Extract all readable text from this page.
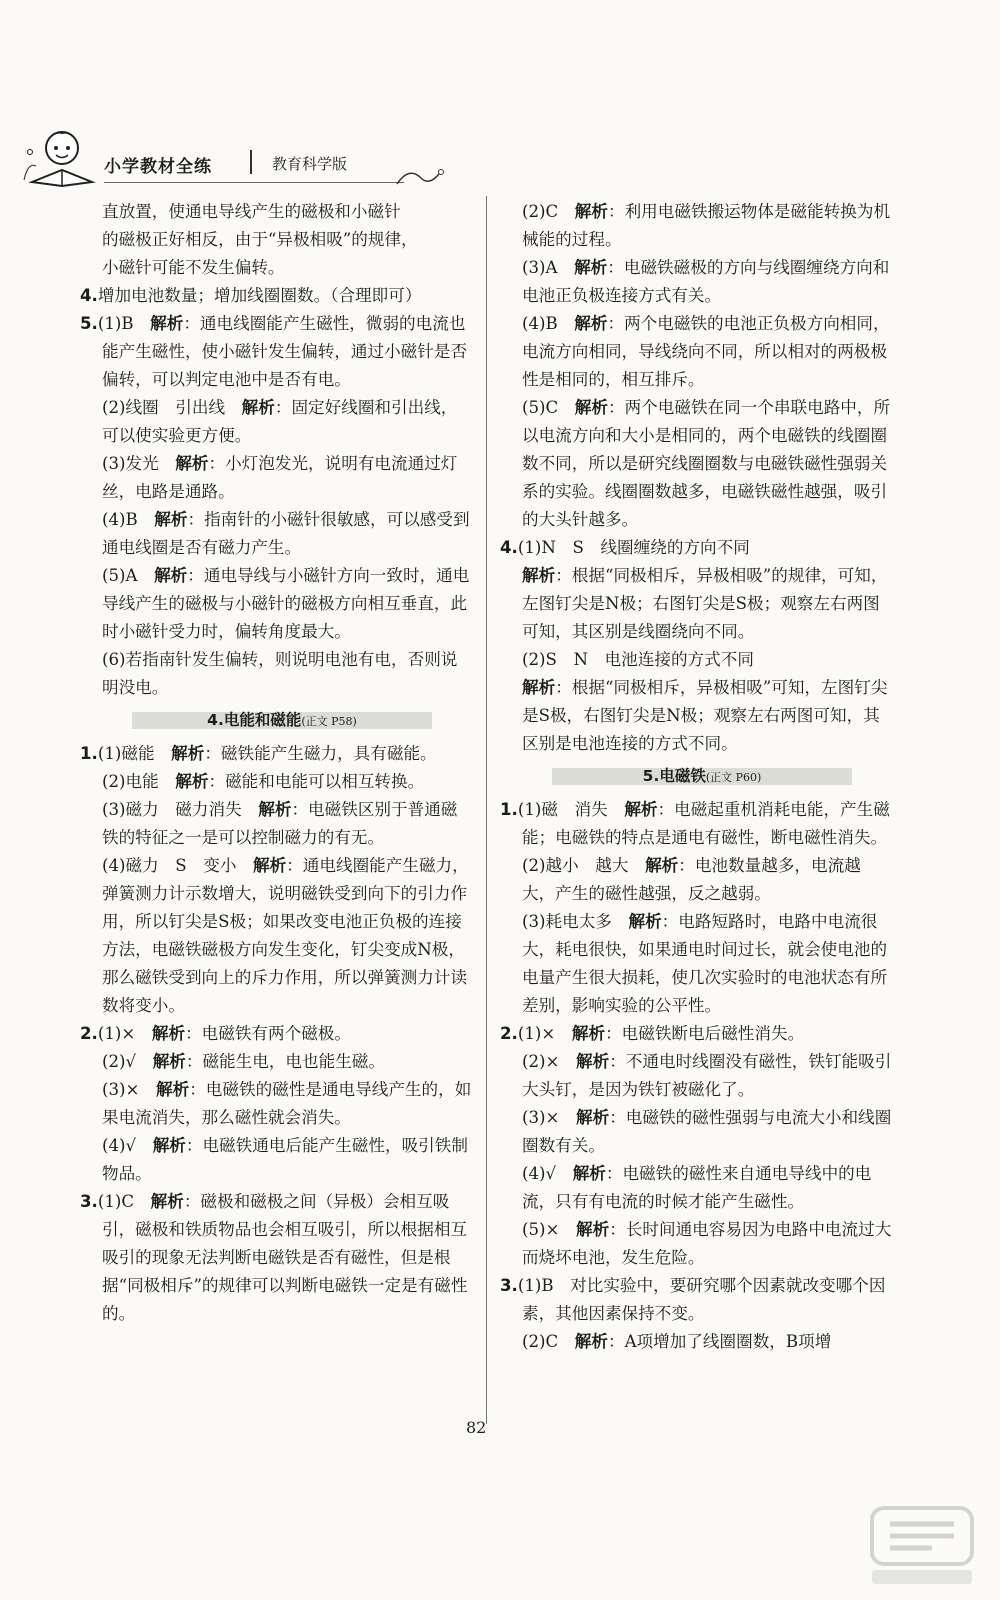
小学教材全练	教育科学版

直放置，使通电导线产生的磁极和小磁针

的磁极正好相反，由于“异极相吸”的规律，

小磁针可能不发生偏转。

4.增加电池数量；增加线圈圈数。（合理即可）

5.(1)B　 解析：通电线圈能产生磁性，微弱的电流也能产生磁性，使小磁针发生偏转，通过小磁针是否偏转，可以判定电池中是否有电。

(2)线圈　引出线　 解析：固定好线圈和引出线，可以使实验更方便。

(3)发光　 解析：小灯泡发光，说明有电流通过灯丝，电路是通路。

(4)B　 解析：指南针的小磁针很敏感，可以感受到通电线圈是否有磁力产生。

(5)A　 解析：通电导线与小磁针方向一致时，通电导线产生的磁极与小磁针的磁极方向相互垂直，此时小磁针受力时，偏转角度最大。

(6)若指南针发生偏转，则说明电池有电，否则说明没电。

4.电能和磁能(正文 P58)

1.(1)磁能　 解析：磁铁能产生磁力，具有磁能。

(2)电能　 解析：磁能和电能可以相互转换。

(3)磁力　磁力消失　 解析：电磁铁区别于普通磁铁的特征之一是可以控制磁力的有无。

(4)磁力　S　变小　 解析：通电线圈能产生磁力，弹簧测力计示数增大，说明磁铁受到向下的引力作用，所以钉尖是S极；如果改变电池正负极的连接方法，电磁铁磁极方向发生变化，钉尖变成N极，那么磁铁受到向上的斥力作用，所以弹簧测力计读数将变小。

2.(1)×　 解析：电磁铁有两个磁极。

(2)√　 解析：磁能生电，电也能生磁。

(3)×　 解析：电磁铁的磁性是通电导线产生的，如果电流消失，那么磁性就会消失。

(4)√　 解析：电磁铁通电后能产生磁性，吸引铁制物品。

3.(1)C　 解析：磁极和磁极之间（异极）会相互吸引，磁极和铁质物品也会相互吸引，所以根据相互吸引的现象无法判断电磁铁是否有磁性，但是根据“同极相斥”的规律可以判断电磁铁一定是有磁性的。

(2)C　 解析：利用电磁铁搬运物体是磁能转换为机械能的过程。

(3)A　 解析：电磁铁磁极的方向与线圈缠绕方向和电池正负极连接方式有关。

(4)B　 解析：两个电磁铁的电池正负极方向相同，电流方向相同，导线绕向不同，所以相对的两极极性是相同的，相互排斥。

(5)C　 解析：两个电磁铁在同一个串联电路中，所以电流方向和大小是相同的，两个电磁铁的线圈圈数不同，所以是研究线圈圈数与电磁铁磁性强弱关系的实验。线圈圈数越多，电磁铁磁性越强，吸引的大头针越多。

4.(1)N　S　线圈缠绕的方向不同

解析：根据“同极相斥，异极相吸”的规律，可知，左图钉尖是N极；右图钉尖是S极；观察左右两图可知，其区别是线圈绕向不同。

(2)S　N　电池连接的方式不同

解析：根据“同极相斥，异极相吸”可知，左图钉尖是S极，右图钉尖是N极；观察左右两图可知，其区别是电池连接的方式不同。

5.电磁铁(正文 P60)

1.(1)磁　消失　 解析：电磁起重机消耗电能，产生磁能；电磁铁的特点是通电有磁性，断电磁性消失。

(2)越小　越大　 解析：电池数量越多，电流越大，产生的磁性越强，反之越弱。

(3)耗电太多　 解析：电路短路时，电路中电流很大，耗电很快，如果通电时间过长，就会使电池的电量产生很大损耗，使几次实验时的电池状态有所差别，影响实验的公平性。

2.(1)×　 解析：电磁铁断电后磁性消失。

(2)×　 解析：不通电时线圈没有磁性，铁钉能吸引大头钉，是因为铁钉被磁化了。

(3)×　 解析：电磁铁的磁性强弱与电流大小和线圈圈数有关。

(4)√　 解析：电磁铁的磁性来自通电导线中的电流，只有有电流的时候才能产生磁性。

(5)×　 解析：长时间通电容易因为电路中电流过大而烧坏电池，发生危险。

3.(1)B　 对比实验中，要研究哪个因素就改变哪个因素，其他因素保持不变。

(2)C　 解析：A项增加了线圈圈数，B项增

82
